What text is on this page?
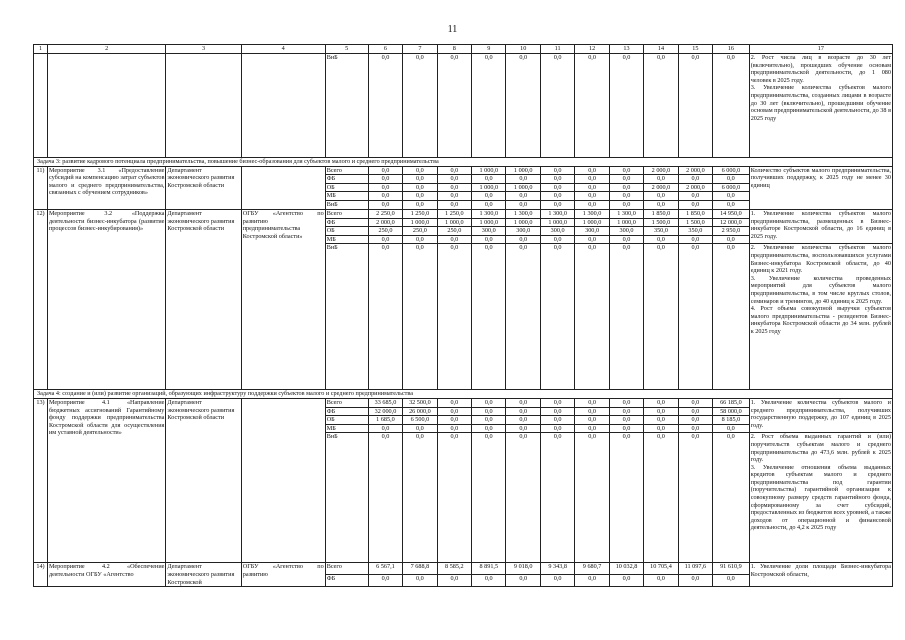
11
1	2	3	4	5	6	7	8	9	10	11	12	13	14	15	16	17
				ВнБ	0,0	0,0	0,0	0,0	0,0	0,0	0,0	0,0	0,0	0,0	0,0	2. Рост числа лиц в возрасте до 30 лет (включительно), прошедших обучение основам предпринимательской деятельности, до 1 080 человек в 2025 году.
3. Увеличение количества субъектов малого предпринимательства, созданных лицами в возрасте до 30 лет (включительно), прошедшими обучение основам предпринимательской деятельности, до 38 в 2025 году
Задача 3: развитие кадрового потенциала предпринимательства, повышение бизнес-образования для субъектов малого и среднего предпринимательства																
11)	Мероприятие 3.1 «Предоставление субсидий на компенсацию затрат субъектов малого и среднего предпринимательства, связанных с обучением сотрудников»	Департамент экономического развития Костромской области		Всего	0,0	0,0	0,0	1 000,0	1 000,0	0,0	0,0	0,0	2 000,0	2 000,0	6 000,0	Количество субъектов малого предпринимательства, получивших поддержку, к 2025 году не менее 30 единиц
				ФБ	0,0	0,0	0,0	0,0	0,0	0,0	0,0	0,0	0,0	0,0	0,0	
				ОБ	0,0	0,0	0,0	1 000,0	1 000,0	0,0	0,0	0,0	2 000,0	2 000,0	6 000,0	
				МБ	0,0	0,0	0,0	0,0	0,0	0,0	0,0	0,0	0,0	0,0	0,0	
				ВнБ	0,0	0,0	0,0	0,0	0,0	0,0	0,0	0,0	0,0	0,0	0,0	
12)	Мероприятие 3.2 «Поддержка деятельности бизнес-инкубатора (развитие процессов бизнес-инкубирования)»	Департамент экономического развития Костромской области	ОГБУ «Агентство по развитию предпринимательства Костромской области»	Всего	2 250,0	1 250,0	1 250,0	1 300,0	1 300,0	1 300,0	1 300,0	1 300,0	1 850,0	1 850,0	14 950,0	1. Увеличение количества субъектов малого предпринимательства, размещенных в Бизнес-инкубаторе Костромской области, до 16 единиц в 2025 году.
				ФБ	2 000,0	1 000,0	1 000,0	1 000,0	1 000,0	1 000,0	1 000,0	1 000,0	1 500,0	1 500,0	12 000,0	
				ОБ	250,0	250,0	250,0	300,0	300,0	300,0	300,0	300,0	350,0	350,0	2 950,0	
				МБ	0,0	0,0	0,0	0,0	0,0	0,0	0,0	0,0	0,0	0,0	0,0	
				ВнБ	0,0	0,0	0,0	0,0	0,0	0,0	0,0	0,0	0,0	0,0	0,0	2. Увеличение количества субъектов малого предпринимательства, воспользовавшихся услугами Бизнес-инкубатора Костромской области, до 40 единиц к 2021 году.
3. Увеличение количества проведенных мероприятий для субъектов малого предпринимательства, в том числе круглых столов, семинаров и тренингов, до 40 единиц к 2025 году.
4. Рост объема совокупной выручки субъектов малого предпринимательства - резидентов Бизнес-инкубатора Костромской области до 34 млн. рублей к 2025 году
Задача 4: создание и (или) развитие организаций, образующих инфраструктуру поддержки субъектов малого и среднего предпринимательства																
13)	Мероприятие 4.1 «Направление бюджетных ассигнований Гарантийному фонду поддержки предпринимательства Костромской области для осуществления им уставной деятельности»	Департамент экономического развития Костромской области		Всего	33 685,0	32 500,0	0,0	0,0	0,0	0,0	0,0	0,0	0,0	0,0	66 185,0	1. Увеличение количества субъектов малого и среднего предпринимательства, получивших государственную поддержку, до 107 единиц в 2025 году.
				ФБ	32 000,0	26 000,0	0,0	0,0	0,0	0,0	0,0	0,0	0,0	0,0	58 000,0	
				ОБ	1 685,0	6 500,0	0,0	0,0	0,0	0,0	0,0	0,0	0,0	0,0	8 185,0	
				МБ	0,0	0,0	0,0	0,0	0,0	0,0	0,0	0,0	0,0	0,0	0,0	
				ВнБ	0,0	0,0	0,0	0,0	0,0	0,0	0,0	0,0	0,0	0,0	0,0	2. Рост объема выданных гарантий и (или) поручительств субъектам малого и среднего предпринимательства до 473,6 млн. рублей к 2025 году.
3. Увеличение отношения объема выданных кредитов субъектам малого и среднего предпринимательства под гарантии (поручительства) гарантийной организации к совокупному размеру средств гарантийного фонда, сформированному за счет субсидий, предоставленных из бюджетов всех уровней, а также доходов от операционной и финансовой деятельности, до 4,2 к 2025 году
14)	Мероприятие 4.2 «Обеспечение деятельности ОГБУ «Агентство	Департамент экономического развития Костромской	ОГБУ «Агентство по развитию	Всего	6 567,1	7 688,8	8 585,2	8 891,5	9 018,0	9 343,8	9 680,7	10 032,8	10 705,4	11 097,6	91 610,9	1. Увеличение доли площади Бизнес-инкубатора Костромской области,
				ФБ	0,0	0,0	0,0	0,0	0,0	0,0	0,0	0,0	0,0	0,0	0,0	
